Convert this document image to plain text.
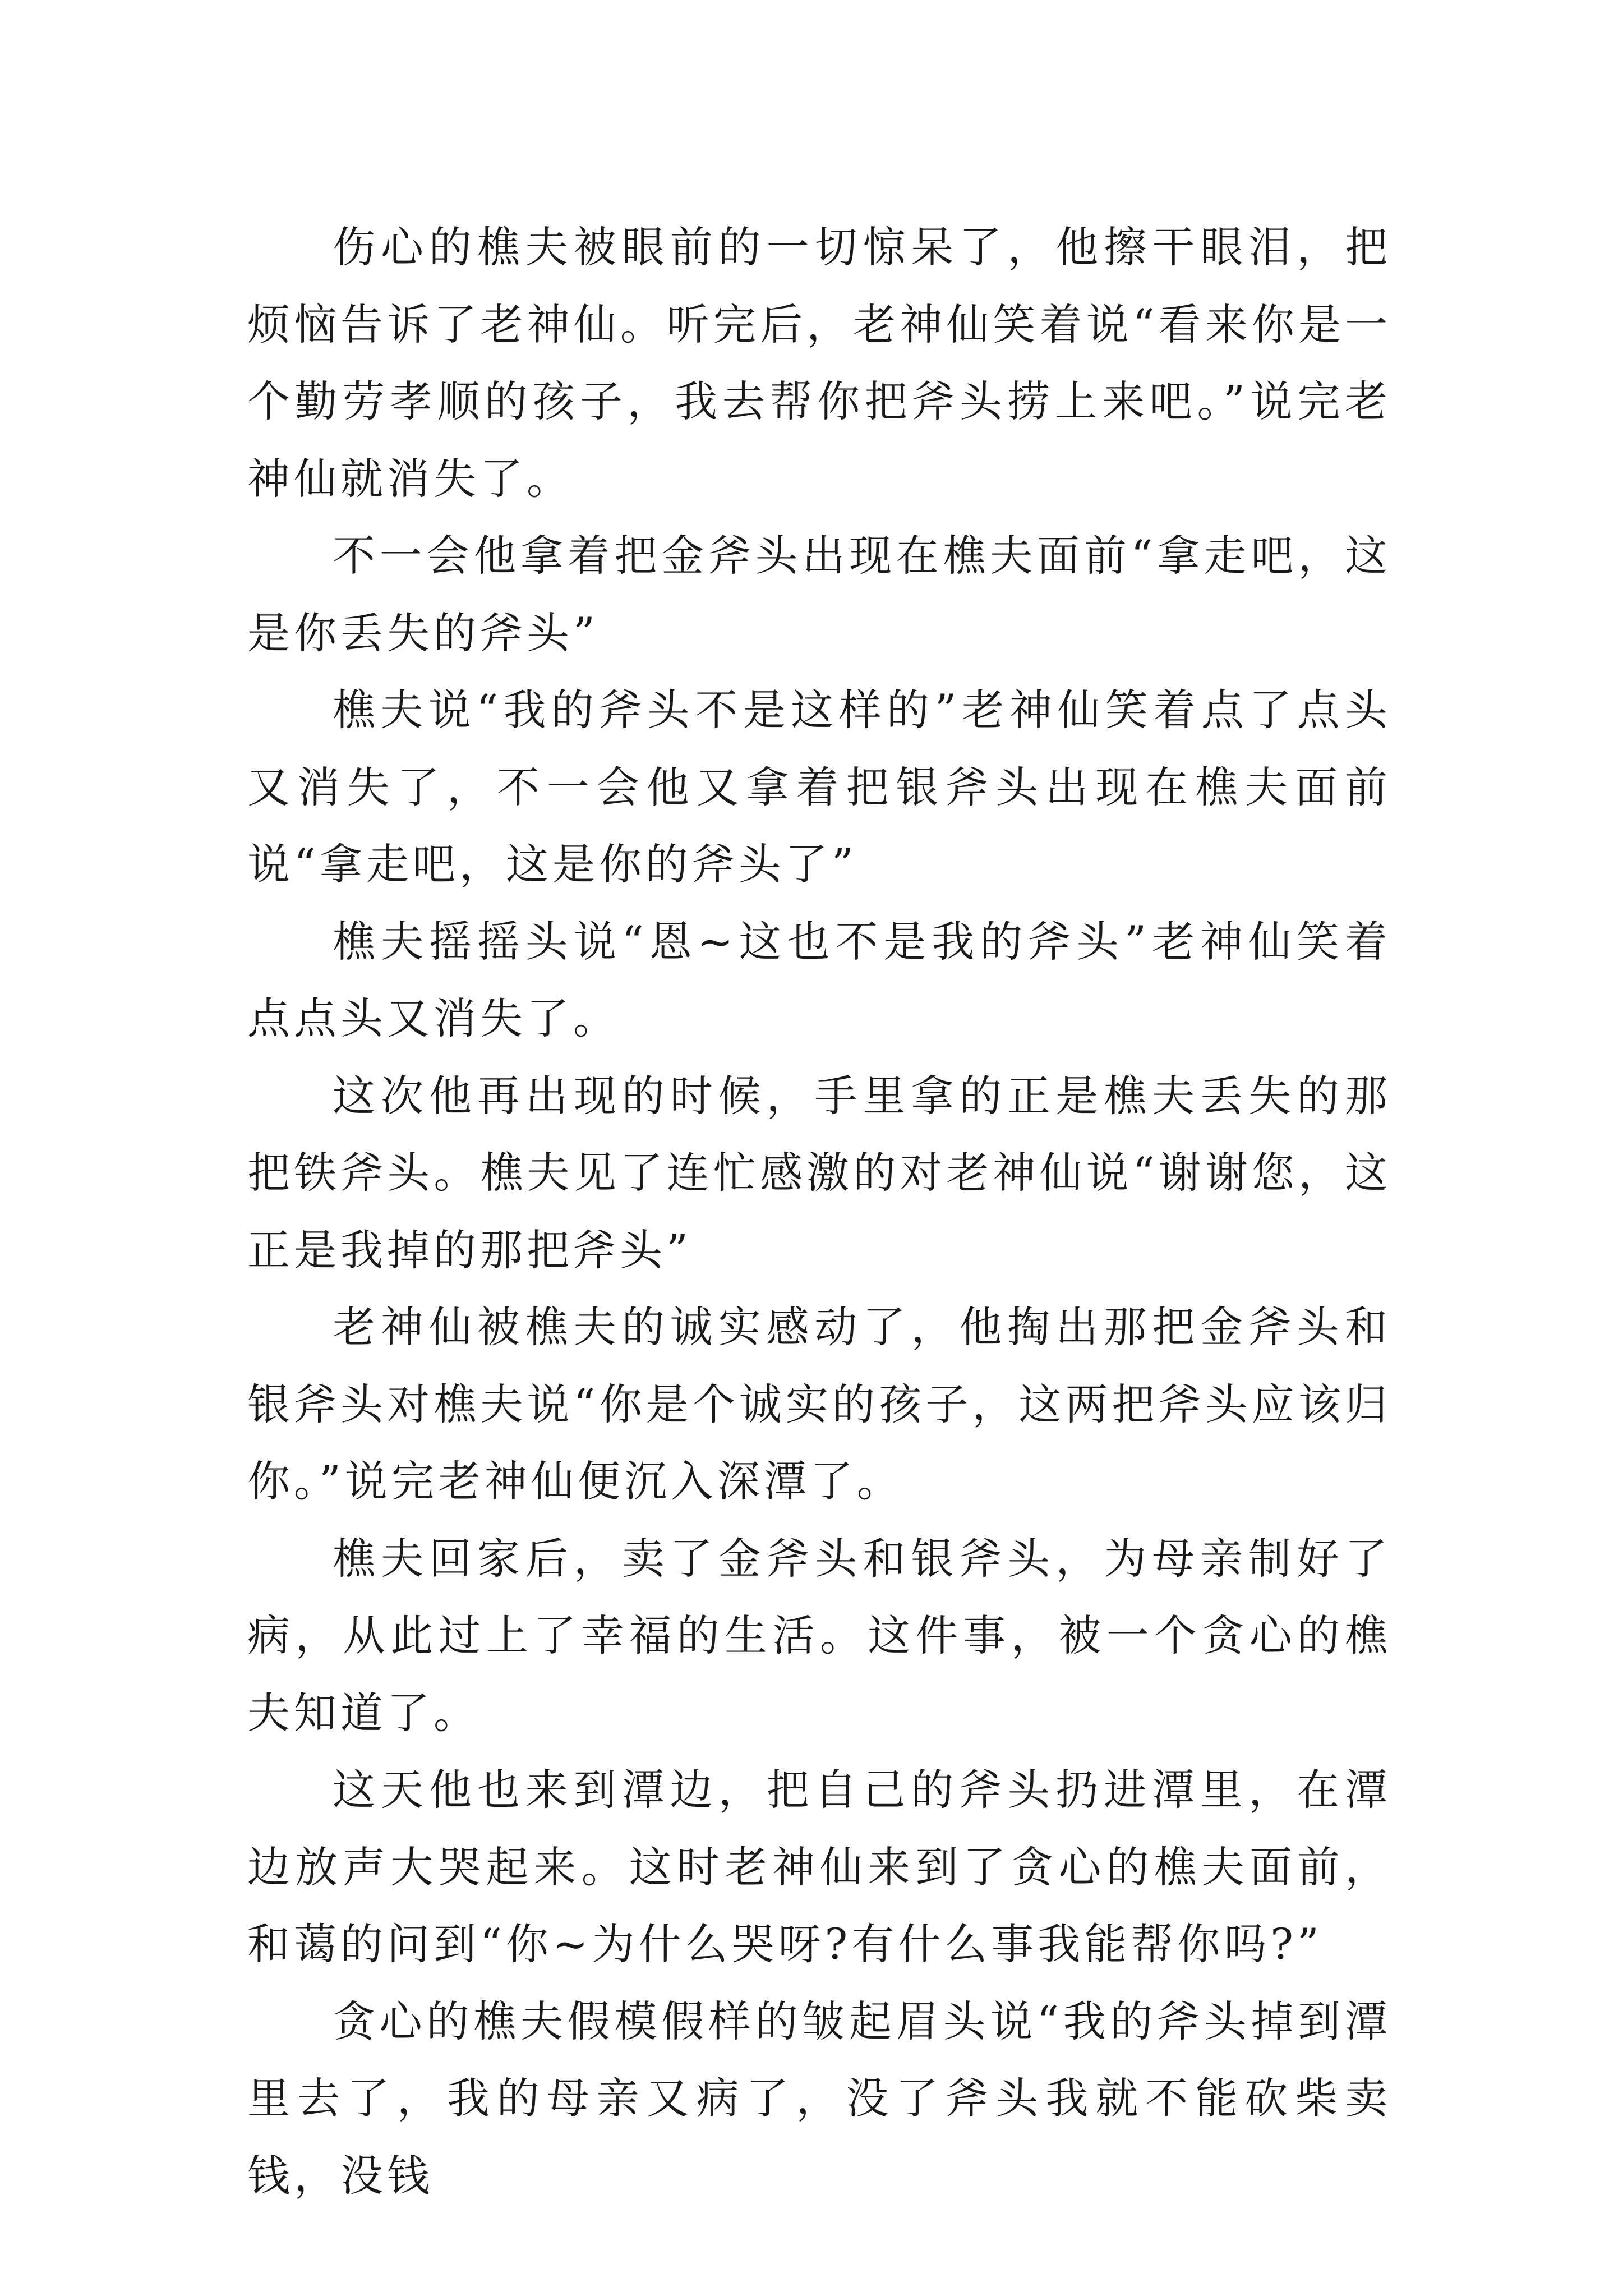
伤心的樵夫被眼前的一切惊呆了，他擦干眼泪，把烦恼告诉了老神仙。听完后，老神仙笑着说“看来你是一个勤劳孝顺的孩子，我去帮你把斧头捞上来吧。”说完老神仙就消失了。

不一会他拿着把金斧头出现在樵夫面前“拿走吧，这是你丢失的斧头”

樵夫说“我的斧头不是这样的”老神仙笑着点了点头又消失了，不一会他又拿着把银斧头出现在樵夫面前说“拿走吧，这是你的斧头了”

樵夫摇摇头说“恩~这也不是我的斧头”老神仙笑着点点头又消失了。

这次他再出现的时候，手里拿的正是樵夫丢失的那把铁斧头。樵夫见了连忙感激的对老神仙说“谢谢您，这正是我掉的那把斧头”

老神仙被樵夫的诚实感动了，他掏出那把金斧头和银斧头对樵夫说“你是个诚实的孩子，这两把斧头应该归你。”说完老神仙便沉入深潭了。

樵夫回家后，卖了金斧头和银斧头，为母亲制好了病，从此过上了幸福的生活。这件事，被一个贪心的樵夫知道了。

这天他也来到潭边，把自己的斧头扔进潭里，在潭边放声大哭起来。这时老神仙来到了贪心的樵夫面前，和蔼的问到“你~为什么哭呀?有什么事我能帮你吗?”

贪心的樵夫假模假样的皱起眉头说“我的斧头掉到潭里去了，我的母亲又病了，没了斧头我就不能砍柴卖钱，没钱
